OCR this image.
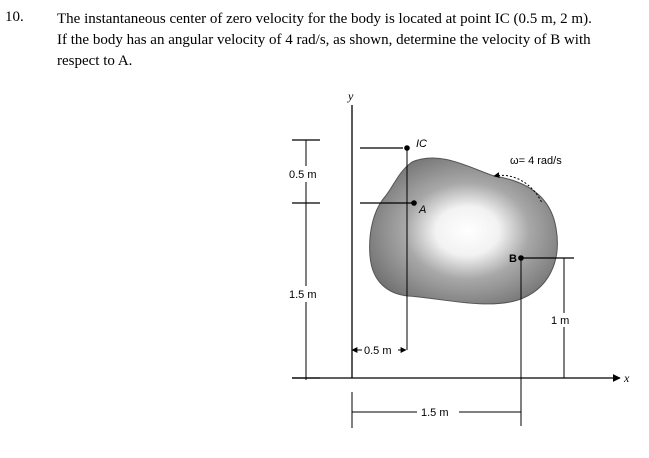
10. The instantaneous center of zero velocity for the body is located at point IC (0.5 m, 2 m).
If the body has an angular velocity of 4 rad/s, as shown, determine the velocity of B with
respect to A.
y
x
IC
A
B
ω= 4 rad/s
0.5 m
1.5 m
0.5 m
1.5 m
1 m
